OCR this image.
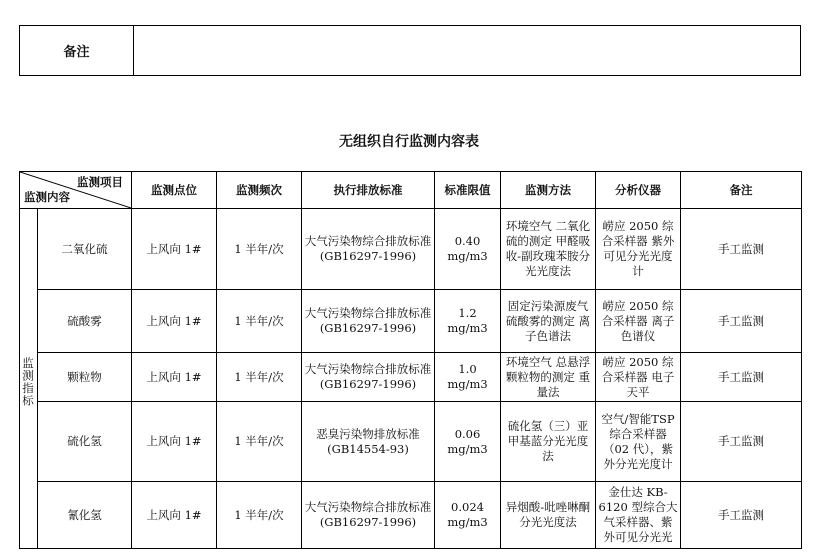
备注
无组织自行监测内容表
监测项目
监测内容		监测点位	监测频次	执行排放标准	标准限值	监测方法	分析仪器	备注
监测指标	二氧化硫	上风向 1#	1 半年/次	大气污染物综合排放标准(GB16297-1996)	0.40 mg/m3	环境空气 二氧化硫的测定 甲醛吸收-副玫瑰苯胺分光光度法	崂应 2050 综合采样器 紫外可见分光光度计	手工监测
	硫酸雾	上风向 1#	1 半年/次	大气污染物综合排放标准(GB16297-1996)	1.2 mg/m3	固定污染源废气 硫酸雾的测定 离子色谱法	崂应 2050 综合采样器 离子色谱仪	手工监测
	颗粒物	上风向 1#	1 半年/次	大气污染物综合排放标准(GB16297-1996)	1.0 mg/m3	环境空气 总悬浮颗粒物的测定 重量法	崂应 2050 综合采样器 电子天平	手工监测
	硫化氢	上风向 1#	1 半年/次	恶臭污染物排放标准(GB14554-93)	0.06 mg/m3	硫化氢（三）亚甲基蓝分光光度法	空气/智能TSP 综合采样器（02 代），紫外分光光度计	手工监测
	氰化氢	上风向 1#	1 半年/次	大气污染物综合排放标准(GB16297-1996)	0.024 mg/m3	异烟酸-吡唑啉酮分光光度法	金仕达 KB-6120 型综合大气采样器、紫外可见分光光	手工监测
